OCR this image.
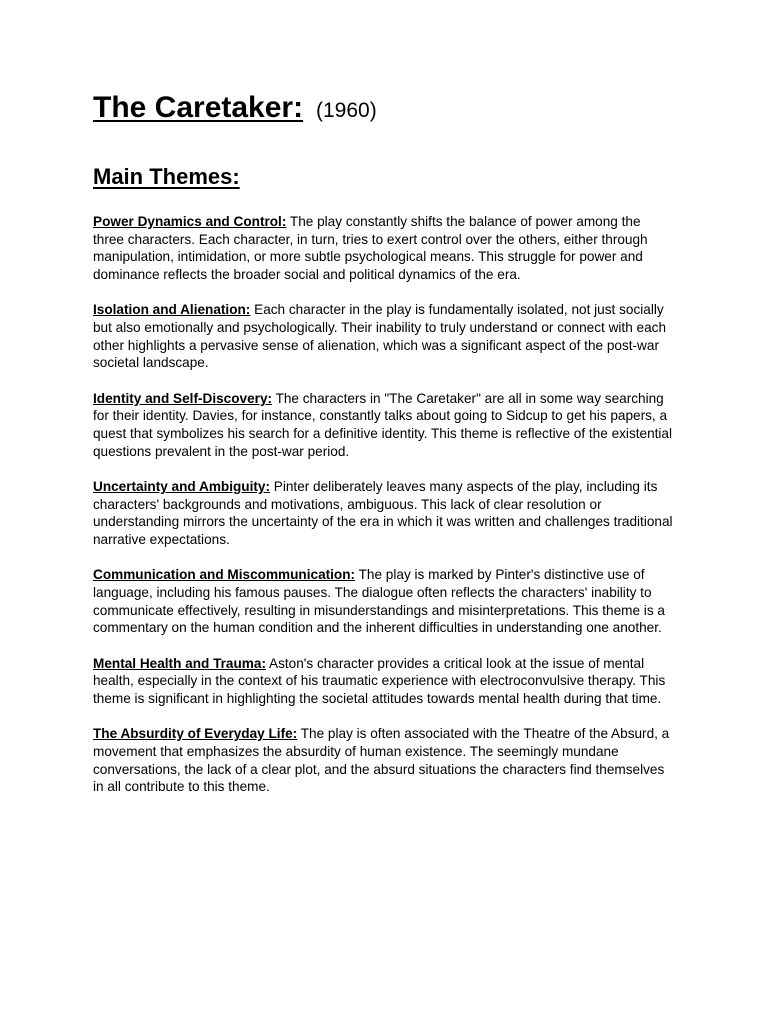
The Caretaker: (1960)
Main Themes:

Power Dynamics and Control: The play constantly shifts the balance of power among the three characters. Each character, in turn, tries to exert control over the others, either through manipulation, intimidation, or more subtle psychological means. This struggle for power and dominance reflects the broader social and political dynamics of the era.

Isolation and Alienation: Each character in the play is fundamentally isolated, not just socially but also emotionally and psychologically. Their inability to truly understand or connect with each other highlights a pervasive sense of alienation, which was a significant aspect of the post-war societal landscape.

Identity and Self-Discovery: The characters in "The Caretaker" are all in some way searching for their identity. Davies, for instance, constantly talks about going to Sidcup to get his papers, a quest that symbolizes his search for a definitive identity. This theme is reflective of the existential questions prevalent in the post-war period.

Uncertainty and Ambiguity: Pinter deliberately leaves many aspects of the play, including its characters' backgrounds and motivations, ambiguous. This lack of clear resolution or understanding mirrors the uncertainty of the era in which it was written and challenges traditional narrative expectations.

Communication and Miscommunication: The play is marked by Pinter's distinctive use of language, including his famous pauses. The dialogue often reflects the characters' inability to communicate effectively, resulting in misunderstandings and misinterpretations. This theme is a commentary on the human condition and the inherent difficulties in understanding one another.

Mental Health and Trauma: Aston's character provides a critical look at the issue of mental health, especially in the context of his traumatic experience with electroconvulsive therapy. This theme is significant in highlighting the societal attitudes towards mental health during that time.

The Absurdity of Everyday Life: The play is often associated with the Theatre of the Absurd, a movement that emphasizes the absurdity of human existence. The seemingly mundane conversations, the lack of a clear plot, and the absurd situations the characters find themselves in all contribute to this theme.
